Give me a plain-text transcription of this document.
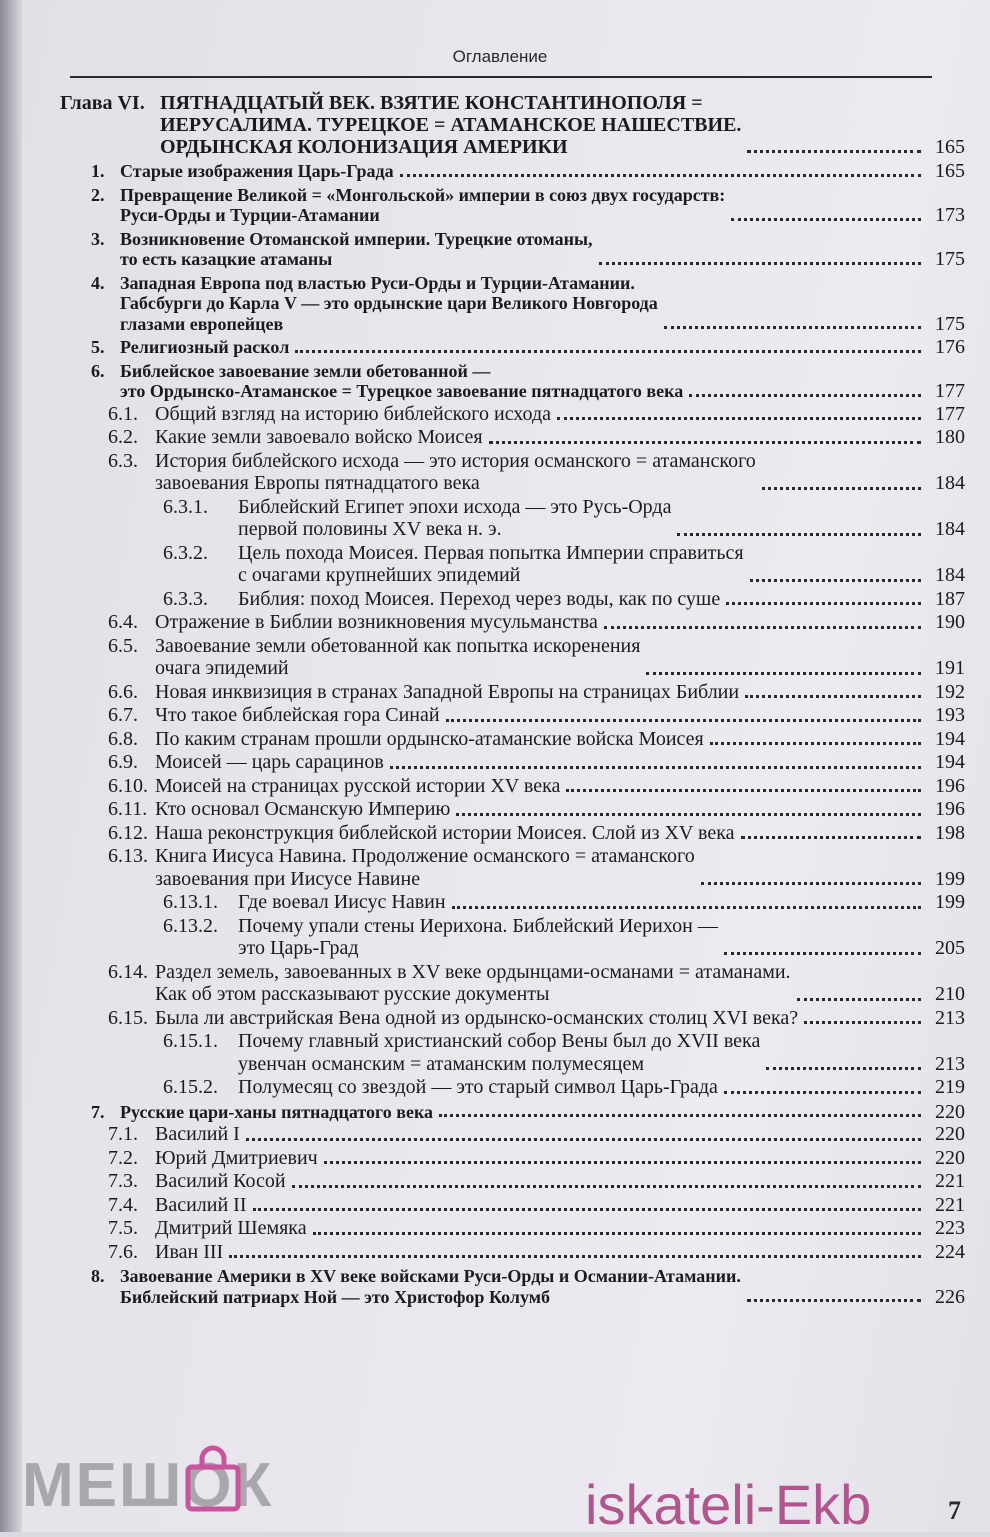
Оглавление
Глава VI. ПЯТНАДЦАТЫЙ ВЕК. ВЗЯТИЕ КОНСТАНТИНОПОЛЯ =
ИЕРУСАЛИМА. ТУРЕЦКОЕ = АТАМАНСКОЕ НАШЕСТВИЕ.
ОРДЫНСКАЯ КОЛОНИЗАЦИЯ АМЕРИКИ	165
1. Старые изображения Царь-Града	165
2. Превращение Великой = «Монгольской» империи в союз двух государств:
Руси-Орды и Турции-Атамании	173
3. Возникновение Отоманской империи. Турецкие отоманы,
то есть казацкие атаманы	175
4. Западная Европа под властью Руси-Орды и Турции-Атамании.
Габсбурги до Карла V — это ордынские цари Великого Новгорода
глазами европейцев	175
5. Религиозный раскол	176
6. Библейское завоевание земли обетованной —
это Ордынско-Атаманское = Турецкое завоевание пятнадцатого века	177
6.1. Общий взгляд на историю библейского исхода	177
6.2. Какие земли завоевало войско Моисея	180
6.3. История библейского исхода — это история османского = атаманского
завоевания Европы пятнадцатого века	184
6.3.1. Библейский Египет эпохи исхода — это Русь-Орда
первой половины XV века н. э.	184
6.3.2. Цель похода Моисея. Первая попытка Империи справиться
с очагами крупнейших эпидемий	184
6.3.3. Библия: поход Моисея. Переход через воды, как по суше	187
6.4. Отражение в Библии возникновения мусульманства	190
6.5. Завоевание земли обетованной как попытка искоренения
очага эпидемий	191
6.6. Новая инквизиция в странах Западной Европы на страницах Библии	192
6.7. Что такое библейская гора Синай	193
6.8. По каким странам прошли ордынско-атаманские войска Моисея	194
6.9. Моисей — царь сарацинов	194
6.10. Моисей на страницах русской истории XV века	196
6.11. Кто основал Османскую Империю	196
6.12. Наша реконструкция библейской истории Моисея. Слой из XV века	198
6.13. Книга Иисуса Навина. Продолжение османского = атаманского
завоевания при Иисусе Навине	199
6.13.1. Где воевал Иисус Навин	199
6.13.2. Почему упали стены Иерихона. Библейский Иерихон —
это Царь-Град	205
6.14. Раздел земель, завоеванных в XV веке ордынцами-османами = атаманами.
Как об этом рассказывают русские документы	210
6.15. Была ли австрийская Вена одной из ордынско-османских столиц XVI века?	213
6.15.1. Почему главный христианский собор Вены был до XVII века
увенчан османским = атаманским полумесяцем	213
6.15.2. Полумесяц со звездой — это старый символ Царь-Града	219
7. Русские цари-ханы пятнадцатого века	220
7.1. Василий I	220
7.2. Юрий Дмитриевич	220
7.3. Василий Косой	221
7.4. Василий II	221
7.5. Дмитрий Шемяка	223
7.6. Иван III	224
8. Завоевание Америки в XV веке войсками Руси-Орды и Османии-Атамании.
Библейский патриарх Ной — это Христофор Колумб	226
МЕШОК	iskateli-Ekb	7
